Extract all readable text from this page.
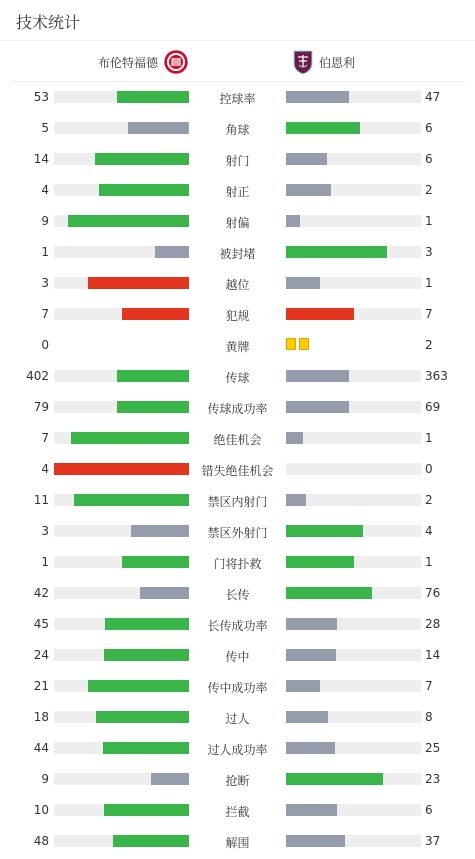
技术统计
布伦特福德	伯恩利
53	控球率	47
5	角球	6
14	射门	6
4	射正	2
9	射偏	1
1	被封堵	3
3	越位	1
7	犯规	7
0	黄牌	2
402	传球	363
79	传球成功率	69
7	绝佳机会	1
4	错失绝佳机会	0
11	禁区内射门	2
3	禁区外射门	4
1	门将扑救	1
42	长传	76
45	长传成功率	28
24	传中	14
21	传中成功率	7
18	过人	8
44	过人成功率	25
9	抢断	23
10	拦截	6
48	解围	37
